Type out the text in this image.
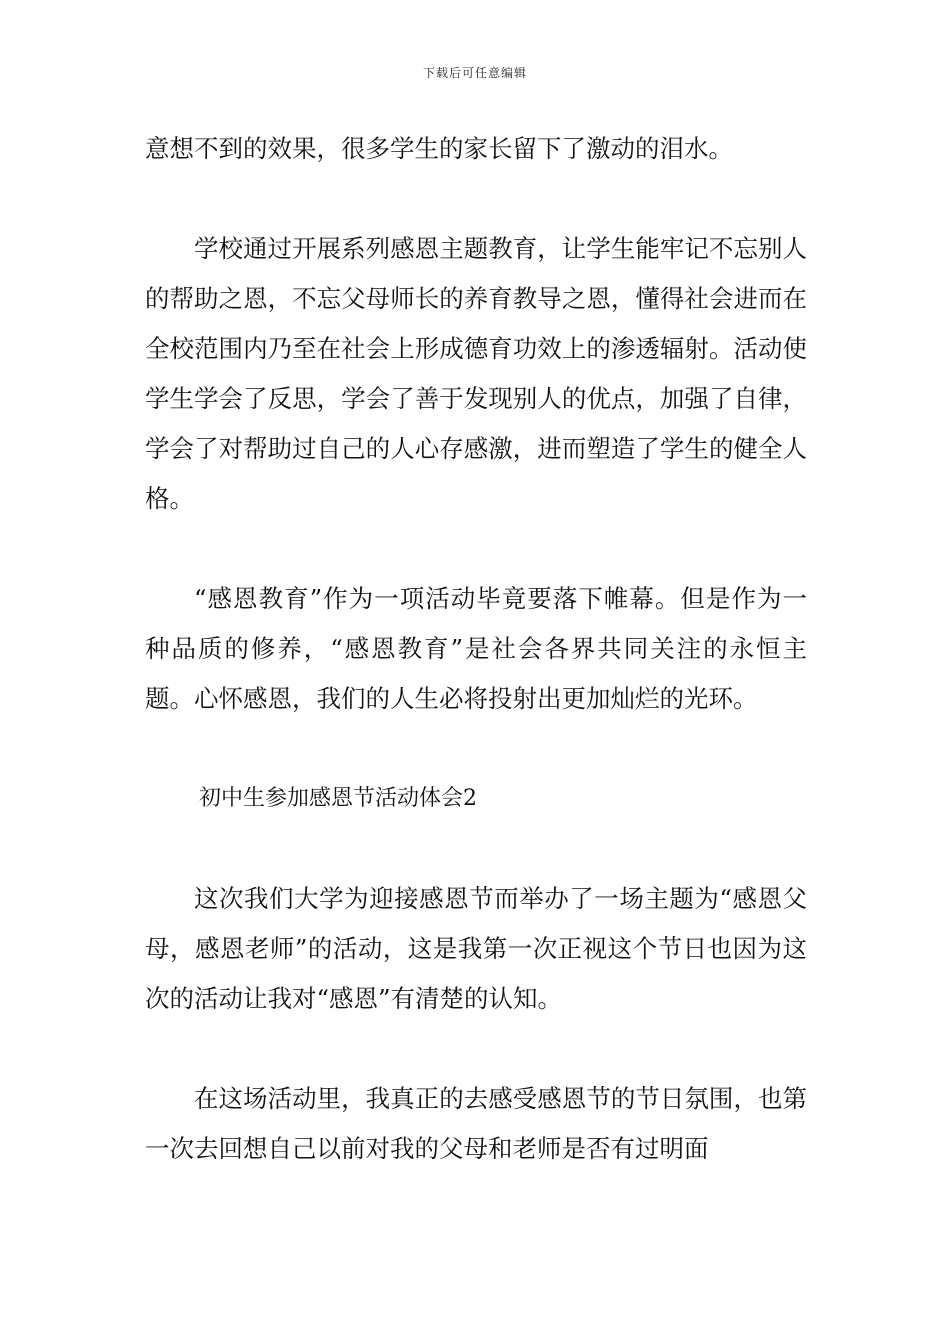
下载后可任意编辑

意想不到的效果，很多学生的家长留下了激动的泪水。

学校通过开展系列感恩主题教育，让学生能牢记不忘别人的帮助之恩，不忘父母师长的养育教导之恩，懂得社会进而在全校范围内乃至在社会上形成德育功效上的渗透辐射。活动使学生学会了反思，学会了善于发现别人的优点，加强了自律，学会了对帮助过自己的人心存感激，进而塑造了学生的健全人格。

“感恩教育”作为一项活动毕竟要落下帷幕。但是作为一种品质的修养，“感恩教育”是社会各界共同关注的永恒主题。心怀感恩，我们的人生必将投射出更加灿烂的光环。

初中生参加感恩节活动体会2

这次我们大学为迎接感恩节而举办了一场主题为“感恩父母，感恩老师”的活动，这是我第一次正视这个节日也因为这次的活动让我对“感恩”有清楚的认知。

在这场活动里，我真正的去感受感恩节的节日氛围，也第一次去回想自己以前对我的父母和老师是否有过明面
